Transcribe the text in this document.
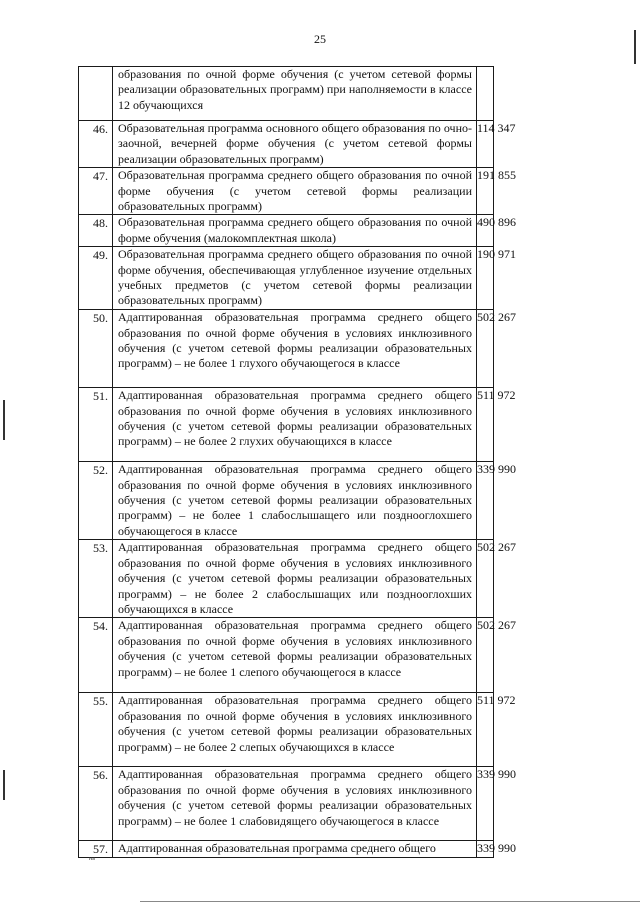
25
	образования по очной форме обучения (с учетом сетевой формы реализации образовательных программ) при наполняемости в классе 12 обучающихся	
46.	Образовательная программа основного общего образования по очно-заочной, вечерней форме обучения (с учетом сетевой формы реализации образовательных программ)	114 347
47.	Образовательная программа среднего общего образования по очной форме обучения (с учетом сетевой формы реализации образовательных программ)	191 855
48.	Образовательная программа среднего общего образования по очной форме обучения (малокомплектная школа)	490 896
49.	Образовательная программа среднего общего образования по очной форме обучения, обеспечивающая углубленное изучение отдельных учебных предметов (с учетом сетевой формы реализации образовательных программ)	190 971
50.	Адаптированная образовательная программа среднего общего образования по очной форме обучения в условиях инклюзивного обучения (с учетом сетевой формы реализации образовательных программ) – не более 1 глухого обучающегося в классе	502 267
51.	Адаптированная образовательная программа среднего общего образования по очной форме обучения в условиях инклюзивного обучения (с учетом сетевой формы реализации образовательных программ) – не более 2 глухих обучающихся в классе	511 972
52.	Адаптированная образовательная программа среднего общего образования по очной форме обучения в условиях инклюзивного обучения (с учетом сетевой формы реализации образовательных программ) – не более 1 слабослышащего или позднооглохшего обучающегося в классе	339 990
53.	Адаптированная образовательная программа среднего общего образования по очной форме обучения в условиях инклюзивного обучения (с учетом сетевой формы реализации образовательных программ) – не более 2 слабослышащих или позднооглохших обучающихся в классе	502 267
54.	Адаптированная образовательная программа среднего общего образования по очной форме обучения в условиях инклюзивного обучения (с учетом сетевой формы реализации образовательных программ) – не более 1 слепого обучающегося в классе	502 267
55.	Адаптированная образовательная программа среднего общего образования по очной форме обучения в условиях инклюзивного обучения (с учетом сетевой формы реализации образовательных программ) – не более 2 слепых обучающихся в классе	511 972
56.	Адаптированная образовательная программа среднего общего образования по очной форме обучения в условиях инклюзивного обучения (с учетом сетевой формы реализации образовательных программ) – не более 1 слабовидящего обучающегося в классе	339 990
57.	Адаптированная образовательная программа среднего общего	339 990
нв
